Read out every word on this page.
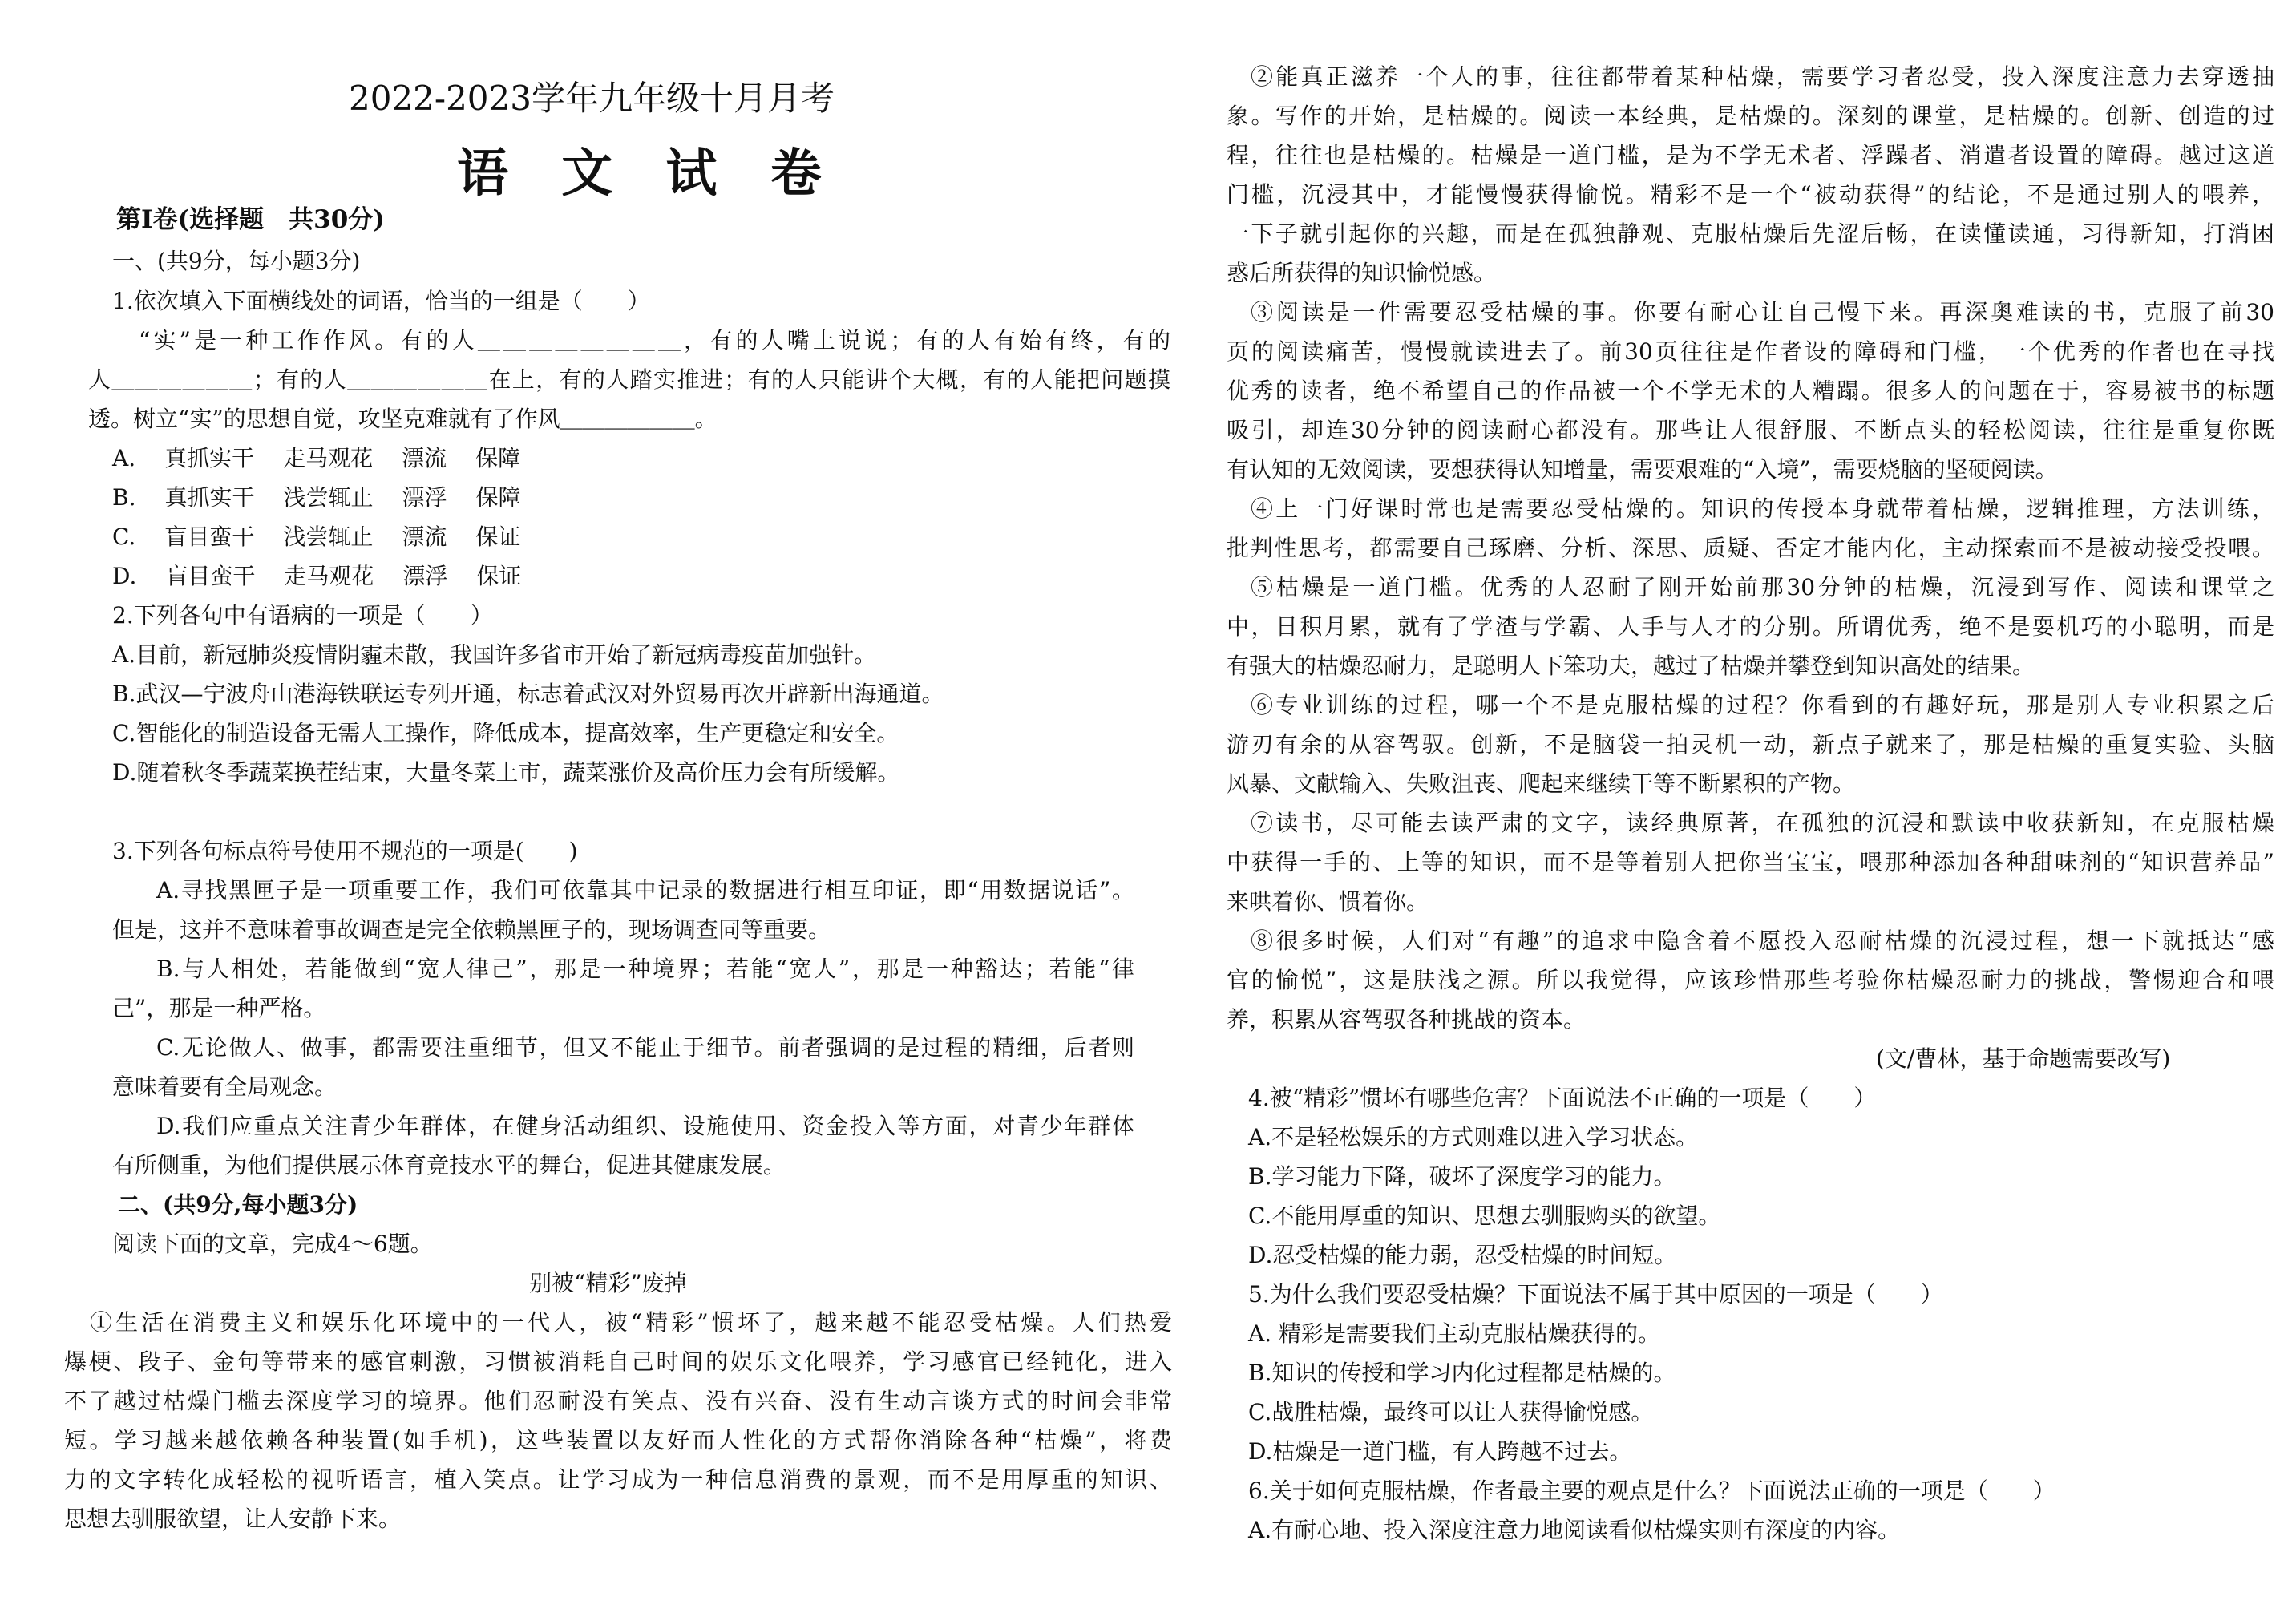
2022-2023学年九年级十月月考
语 文 试 卷
第Ⅰ卷(选择题　共30分)
一、(共9分，每小题3分)
1.依次填入下面横线处的词语，恰当的一组是（　　）
“实”是一种工作作风。有的人＿＿＿＿＿＿＿＿，有的人嘴上说说；有的人有始有终，有的
人＿＿＿＿＿＿；有的人＿＿＿＿＿＿在上，有的人踏实推进；有的人只能讲个大概，有的人能把问题摸
透。树立“实”的思想自觉，攻坚克难就有了作风＿＿＿＿＿＿。
A. 真抓实干 走马观花 漂流 保障
B. 真抓实干 浅尝辄止 漂浮 保障
C. 盲目蛮干 浅尝辄止 漂流 保证
D. 盲目蛮干 走马观花 漂浮 保证
2.下列各句中有语病的一项是（　　）
A.目前，新冠肺炎疫情阴霾未散，我国许多省市开始了新冠病毒疫苗加强针。
B.武汉—宁波舟山港海铁联运专列开通，标志着武汉对外贸易再次开辟新出海通道。
C.智能化的制造设备无需人工操作，降低成本，提高效率，生产更稳定和安全。
D.随着秋冬季蔬菜换茬结束，大量冬菜上市，蔬菜涨价及高价压力会有所缓解。
3.下列各句标点符号使用不规范的一项是(　　)
A.寻找黑匣子是一项重要工作，我们可依靠其中记录的数据进行相互印证，即“用数据说话”。
但是，这并不意味着事故调查是完全依赖黑匣子的，现场调查同等重要。
B.与人相处，若能做到“宽人律己”，那是一种境界；若能“宽人”，那是一种豁达；若能“律
己”，那是一种严格。
C.无论做人、做事，都需要注重细节，但又不能止于细节。前者强调的是过程的精细，后者则
意味着要有全局观念。
D.我们应重点关注青少年群体，在健身活动组织、设施使用、资金投入等方面，对青少年群体
有所侧重，为他们提供展示体育竞技水平的舞台，促进其健康发展。
二、(共9分,每小题3分)
阅读下面的文章，完成4～6题。
别被“精彩”废掉
①生活在消费主义和娱乐化环境中的一代人，被“精彩”惯坏了，越来越不能忍受枯燥。人们热爱
爆梗、段子、金句等带来的感官刺激，习惯被消耗自己时间的娱乐文化喂养，学习感官已经钝化，进入
不了越过枯燥门槛去深度学习的境界。他们忍耐没有笑点、没有兴奋、没有生动言谈方式的时间会非常
短。学习越来越依赖各种装置(如手机)，这些装置以友好而人性化的方式帮你消除各种“枯燥”，将费
力的文字转化成轻松的视听语言，植入笑点。让学习成为一种信息消费的景观，而不是用厚重的知识、
思想去驯服欲望，让人安静下来。
②能真正滋养一个人的事，往往都带着某种枯燥，需要学习者忍受，投入深度注意力去穿透抽
象。写作的开始，是枯燥的。阅读一本经典，是枯燥的。深刻的课堂，是枯燥的。创新、创造的过
程，往往也是枯燥的。枯燥是一道门槛，是为不学无术者、浮躁者、消遣者设置的障碍。越过这道
门槛，沉浸其中，才能慢慢获得愉悦。精彩不是一个“被动获得”的结论，不是通过别人的喂养，
一下子就引起你的兴趣，而是在孤独静观、克服枯燥后先涩后畅，在读懂读通，习得新知，打消困
惑后所获得的知识愉悦感。
③阅读是一件需要忍受枯燥的事。你要有耐心让自己慢下来。再深奥难读的书，克服了前30
页的阅读痛苦，慢慢就读进去了。前30页往往是作者设的障碍和门槛，一个优秀的作者也在寻找
优秀的读者，绝不希望自己的作品被一个不学无术的人糟蹋。很多人的问题在于，容易被书的标题
吸引，却连30分钟的阅读耐心都没有。那些让人很舒服、不断点头的轻松阅读，往往是重复你既
有认知的无效阅读，要想获得认知增量，需要艰难的“入境”，需要烧脑的坚硬阅读。
④上一门好课时常也是需要忍受枯燥的。知识的传授本身就带着枯燥，逻辑推理，方法训练，
批判性思考，都需要自己琢磨、分析、深思、质疑、否定才能内化，主动探索而不是被动接受投喂。
⑤枯燥是一道门槛。优秀的人忍耐了刚开始前那30分钟的枯燥，沉浸到写作、阅读和课堂之
中，日积月累，就有了学渣与学霸、人手与人才的分别。所谓优秀，绝不是耍机巧的小聪明，而是
有强大的枯燥忍耐力，是聪明人下笨功夫，越过了枯燥并攀登到知识高处的结果。
⑥专业训练的过程，哪一个不是克服枯燥的过程？你看到的有趣好玩，那是别人专业积累之后
游刃有余的从容驾驭。创新，不是脑袋一拍灵机一动，新点子就来了，那是枯燥的重复实验、头脑
风暴、文献输入、失败沮丧、爬起来继续干等不断累积的产物。
⑦读书，尽可能去读严肃的文字，读经典原著，在孤独的沉浸和默读中收获新知，在克服枯燥
中获得一手的、上等的知识，而不是等着别人把你当宝宝，喂那种添加各种甜味剂的“知识营养品”
来哄着你、惯着你。
⑧很多时候，人们对“有趣”的追求中隐含着不愿投入忍耐枯燥的沉浸过程，想一下就抵达“感
官的愉悦”，这是肤浅之源。所以我觉得，应该珍惜那些考验你枯燥忍耐力的挑战，警惕迎合和喂
养，积累从容驾驭各种挑战的资本。
(文/曹林，基于命题需要改写)
4.被“精彩”惯坏有哪些危害？下面说法不正确的一项是（　　）
A.不是轻松娱乐的方式则难以进入学习状态。
B.学习能力下降，破坏了深度学习的能力。
C.不能用厚重的知识、思想去驯服购买的欲望。
D.忍受枯燥的能力弱，忍受枯燥的时间短。
5.为什么我们要忍受枯燥？下面说法不属于其中原因的一项是（　　）
A. 精彩是需要我们主动克服枯燥获得的。
B.知识的传授和学习内化过程都是枯燥的。
C.战胜枯燥，最终可以让人获得愉悦感。
D.枯燥是一道门槛，有人跨越不过去。
6.关于如何克服枯燥，作者最主要的观点是什么？下面说法正确的一项是（　　）
A.有耐心地、投入深度注意力地阅读看似枯燥实则有深度的内容。
